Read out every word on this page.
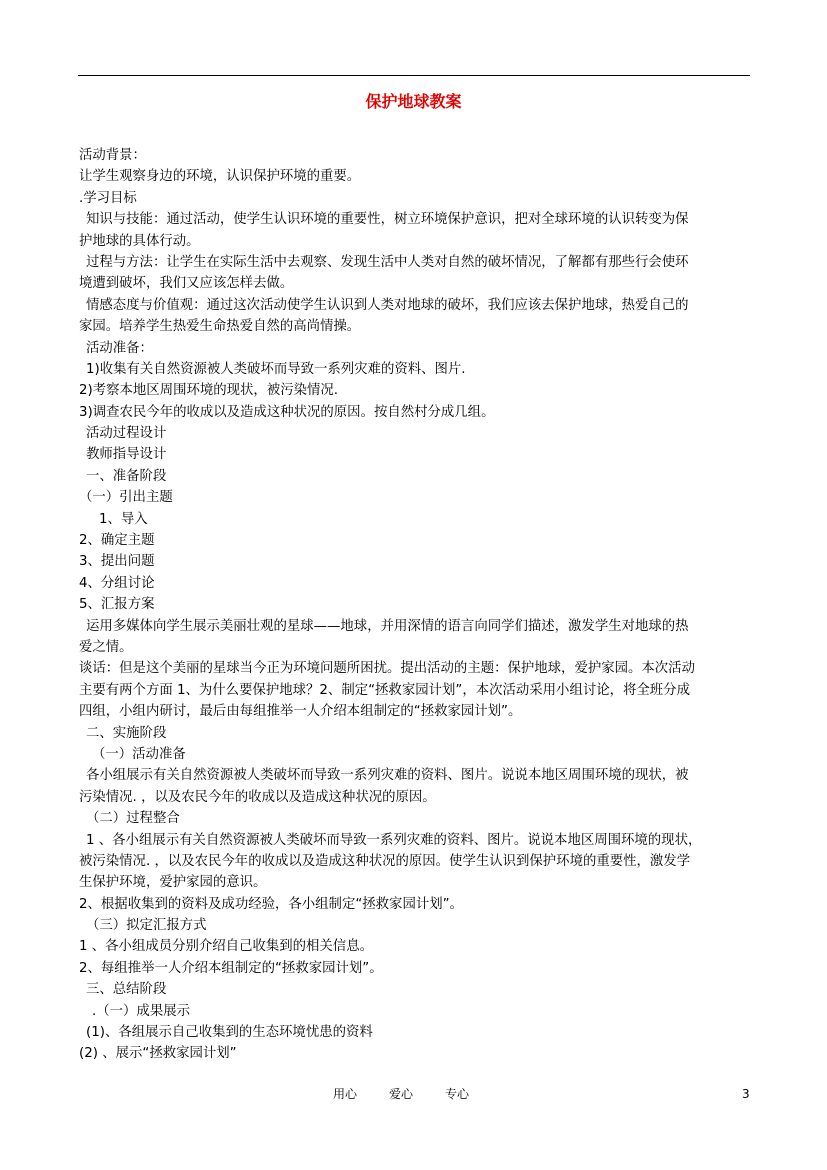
保护地球教案
活动背景：
让学生观察身边的环境，认识保护环境的重要。
.学习目标
知识与技能：通过活动，使学生认识环境的重要性，树立环境保护意识，把对全球环境的认识转变为保
护地球的具体行动。
过程与方法：让学生在实际生活中去观察、发现生活中人类对自然的破坏情况，了解都有那些行会使环
境遭到破坏，我们又应该怎样去做。
情感态度与价值观：通过这次活动使学生认识到人类对地球的破坏，我们应该去保护地球，热爱自己的
家园。培养学生热爱生命热爱自然的高尚情操。
活动准备：
1)收集有关自然资源被人类破坏而导致一系列灾难的资料、图片.
2)考察本地区周围环境的现状，被污染情况.
3)调查农民今年的收成以及造成这种状况的原因。按自然村分成几组。
活动过程设计
教师指导设计
一、准备阶段
（一）引出主题
1、导入
2、确定主题
3、提出问题
4、分组讨论
5、汇报方案
运用多媒体向学生展示美丽壮观的星球——地球，并用深情的语言向同学们描述，激发学生对地球的热
爱之情。
谈话：但是这个美丽的星球当今正为环境问题所困扰。提出活动的主题：保护地球，爱护家园。本次活动
主要有两个方面 1、为什么要保护地球？2、制定“拯救家园计划”，本次活动采用小组讨论，将全班分成
四组，小组内研讨，最后由每组推举一人介绍本组制定的“拯救家园计划”。
二、实施阶段
（一）活动准备
各小组展示有关自然资源被人类破坏而导致一系列灾难的资料、图片。说说本地区周围环境的现状，被
污染情况. ，以及农民今年的收成以及造成这种状况的原因。
（二）过程整合
1 、各小组展示有关自然资源被人类破坏而导致一系列灾难的资料、图片。说说本地区周围环境的现状，
被污染情况. ，以及农民今年的收成以及造成这种状况的原因。使学生认识到保护环境的重要性，激发学
生保护环境，爱护家园的意识。
2、根据收集到的资料及成功经验，各小组制定“拯救家园计划”。
（三）拟定汇报方式
1 、各小组成员分别介绍自己收集到的相关信息。
2、每组推举一人介绍本组制定的“拯救家园计划”。
三、总结阶段
.（一）成果展示
(1)、各组展示自己收集到的生态环境忧患的资料
(2) 、展示“拯救家园计划”
用心	爱心	专心	3
